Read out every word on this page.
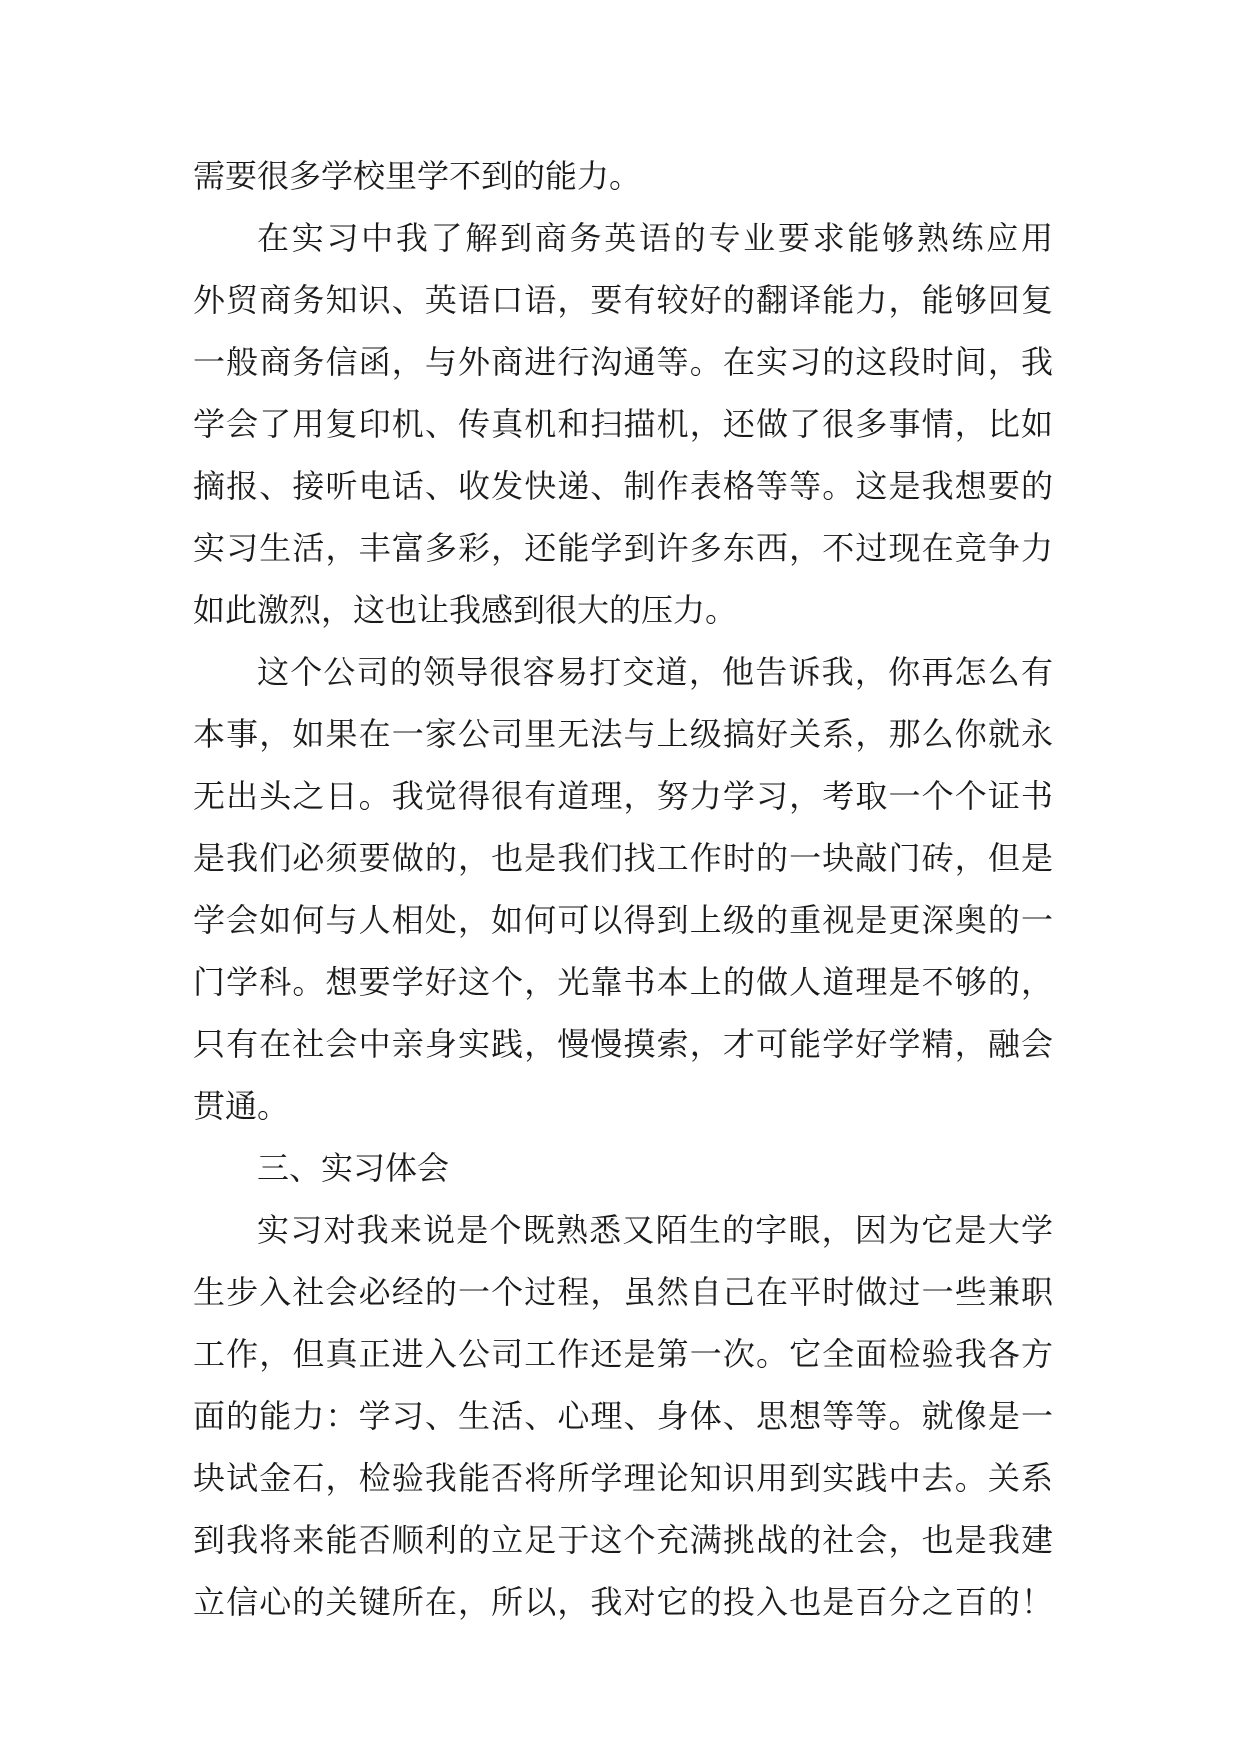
需要很多学校里学不到的能力。
在实习中我了解到商务英语的专业要求能够熟练应用
外贸商务知识、英语口语，要有较好的翻译能力，能够回复
一般商务信函，与外商进行沟通等。在实习的这段时间，我
学会了用复印机、传真机和扫描机，还做了很多事情，比如
摘报、接听电话、收发快递、制作表格等等。这是我想要的
实习生活，丰富多彩，还能学到许多东西，不过现在竞争力
如此激烈，这也让我感到很大的压力。
这个公司的领导很容易打交道，他告诉我，你再怎么有
本事，如果在一家公司里无法与上级搞好关系，那么你就永
无出头之日。我觉得很有道理，努力学习，考取一个个证书
是我们必须要做的，也是我们找工作时的一块敲门砖，但是
学会如何与人相处，如何可以得到上级的重视是更深奥的一
门学科。想要学好这个，光靠书本上的做人道理是不够的，
只有在社会中亲身实践，慢慢摸索，才可能学好学精，融会
贯通。
三、实习体会
实习对我来说是个既熟悉又陌生的字眼，因为它是大学
生步入社会必经的一个过程，虽然自己在平时做过一些兼职
工作，但真正进入公司工作还是第一次。它全面检验我各方
面的能力：学习、生活、心理、身体、思想等等。就像是一
块试金石，检验我能否将所学理论知识用到实践中去。关系
到我将来能否顺利的立足于这个充满挑战的社会，也是我建
立信心的关键所在，所以，我对它的投入也是百分之百的！
